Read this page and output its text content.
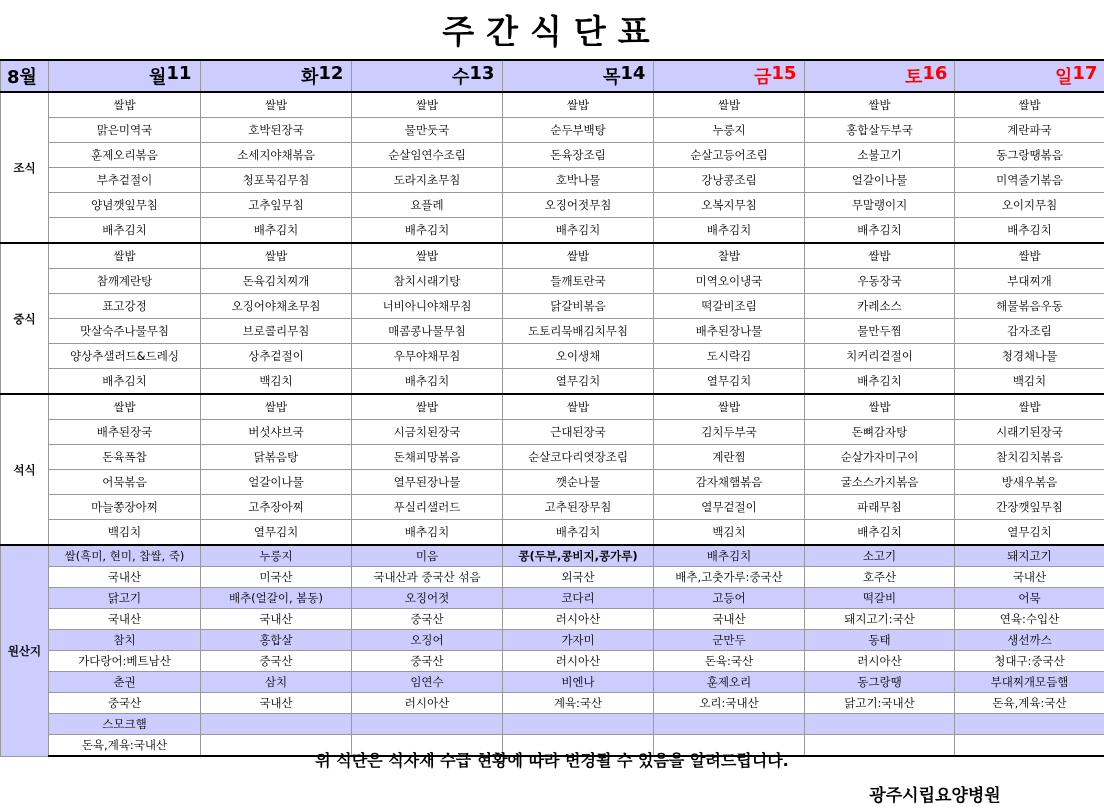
주간식단표
8월	월 11	화 12	수 13	목 14	금 15	토 16	일 17

조식	쌀밥	쌀밥	쌀밥	쌀밥	쌀밥	쌀밥	쌀밥
	맑은미역국	호박된장국	물만둣국	순두부백탕	누룽지	홍합살두부국	계란파국
	훈제오리볶음	소세지야채볶음	순살임연수조림	돈육장조림	순살고등어조림	소불고기	동그랑땡볶음
	부추겉절이	청포묵김무침	도라지초무침	호박나물	강낭콩조림	얼갈이나물	미역줄기볶음
	양념깻잎무침	고추잎무침	요플레	오징어젓무침	오복지무침	무말랭이지	오이지무침
	배추김치	배추김치	배추김치	배추김치	배추김치	배추김치	배추김치
중식	쌀밥	쌀밥	쌀밥	쌀밥	찰밥	쌀밥	쌀밥
	참깨계란탕	돈육김치찌개	참치시래기탕	들깨토란국	미역오이냉국	우동장국	부대찌개
	표고강정	오징어야채초무침	너비아니야채무침	닭갈비볶음	떡갈비조림	카레소스	해물볶음우동
	맛살숙주나물무침	브로콜리무침	매콤콩나물무침	도토리묵배김치무침	배추된장나물	물만두찜	감자조림
	양상추샐러드&드레싱	상추겉절이	우무야채무침	오이생채	도시락김	치커리겉절이	청경채나물
	배추김치	백김치	배추김치	열무김치	열무김치	배추김치	백김치
석식	쌀밥	쌀밥	쌀밥	쌀밥	쌀밥	쌀밥	쌀밥
	배추된장국	버섯샤브국	시금치된장국	근대된장국	김치두부국	돈뼈감자탕	시래기된장국
	돈육폭찹	닭볶음탕	돈채피망볶음	순살코다리엿장조림	계란찜	순살가자미구이	참치김치볶음
	어묵볶음	얼갈이나물	열무된장나물	깻순나물	감자채햄볶음	굴소스가지볶음	방새우볶음
	마늘쫑장아찌	고추장아찌	푸실리샐러드	고추된장무침	열무겉절이	파래무침	간장깻잎무침
	백김치	열무김치	배추김치	배추김치	백김치	배추김치	열무김치
원산지	쌀(흑미, 현미, 찹쌀, 죽)	누룽지	미음	콩(두부,콩비지,콩가루)	배추김치	소고기	돼지고기
	국내산	미국산	국내산과 중국산 섞음	외국산	배추,고춧가루:중국산	호주산	국내산
	닭고기	배추(얼갈이, 봄동)	오징어젓	코다리	고등어	떡갈비	어묵
	국내산	국내산	중국산	러시아산	국내산	돼지고기:국산	연육:수입산
	참치	홍합살	오징어	가자미	군만두	동태	생선까스
	가다랑어:베트남산	중국산	중국산	러시아산	돈육:국산	러시아산	청대구:중국산
	춘권	삼치	임연수	비엔나	훈제오리	동그랑땡	부대찌개모듬햄
	중국산	국내산	러시아산	계육:국산	오리:국내산	닭고기:국내산	돈육,계육:국산
	스모크햄						
	돈육,계육:국내산						
위 식단은 식자재 수급 현황에 따라 변경될 수 있음을 알려드립니다.
광주시립요양병원
